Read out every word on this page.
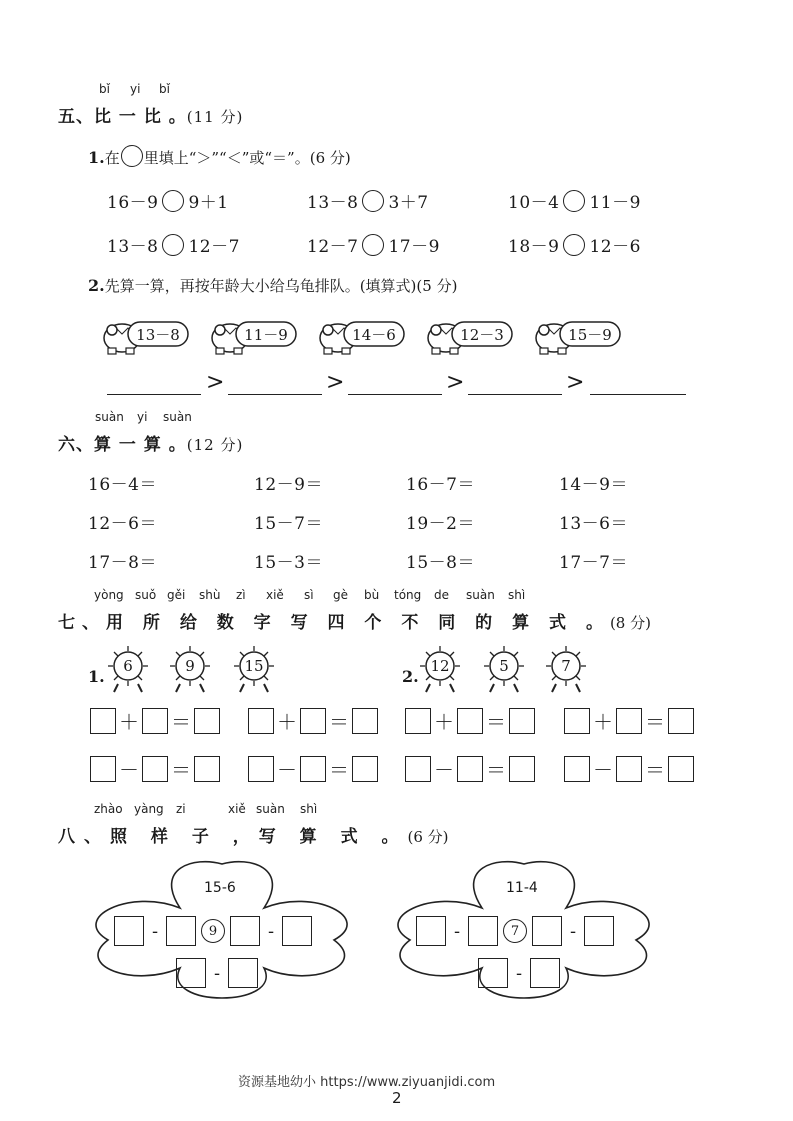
bǐ yi bǐ
五、比 一 比 。(11 分)
1.在 里填上“＞”“＜”或“＝”。(6 分)
16－9 9＋1	13－8 3＋7	10－4 11－9
13－8 12－7	12－7 17－9	18－9 12－6
2.先算一算，再按年龄大小给乌龟排队。(填算式)(5 分)
13－8	11－9	14－6	12－3	15－9
>	>	>	>
suàn yi suàn
六、算 一 算 。(12 分)
16－4＝	12－9＝	16－7＝	14－9＝
12－6＝	15－7＝	19－2＝	13－6＝
17－8＝	15－3＝	15－8＝	17－7＝
yòng suǒ gěi shù zì xiě sì gè bù tóng de suàn shì
七、用 所 给 数 字 写 四 个 不 同 的 算 式 。(8 分)
1.	2.
6	9	15	12	5	7
＋ ＝	＋ ＝	＋ ＝	＋ ＝
－ ＝	－ ＝	－ ＝	－ ＝
zhào yàng zi	xiě suàn shì
八、照 样 子 ，写 算 式 。(6 分)
15-6
-	9	-
-
11-4
-	7	-
-
资源基地幼小 https://www.ziyuanjidi.com
2
